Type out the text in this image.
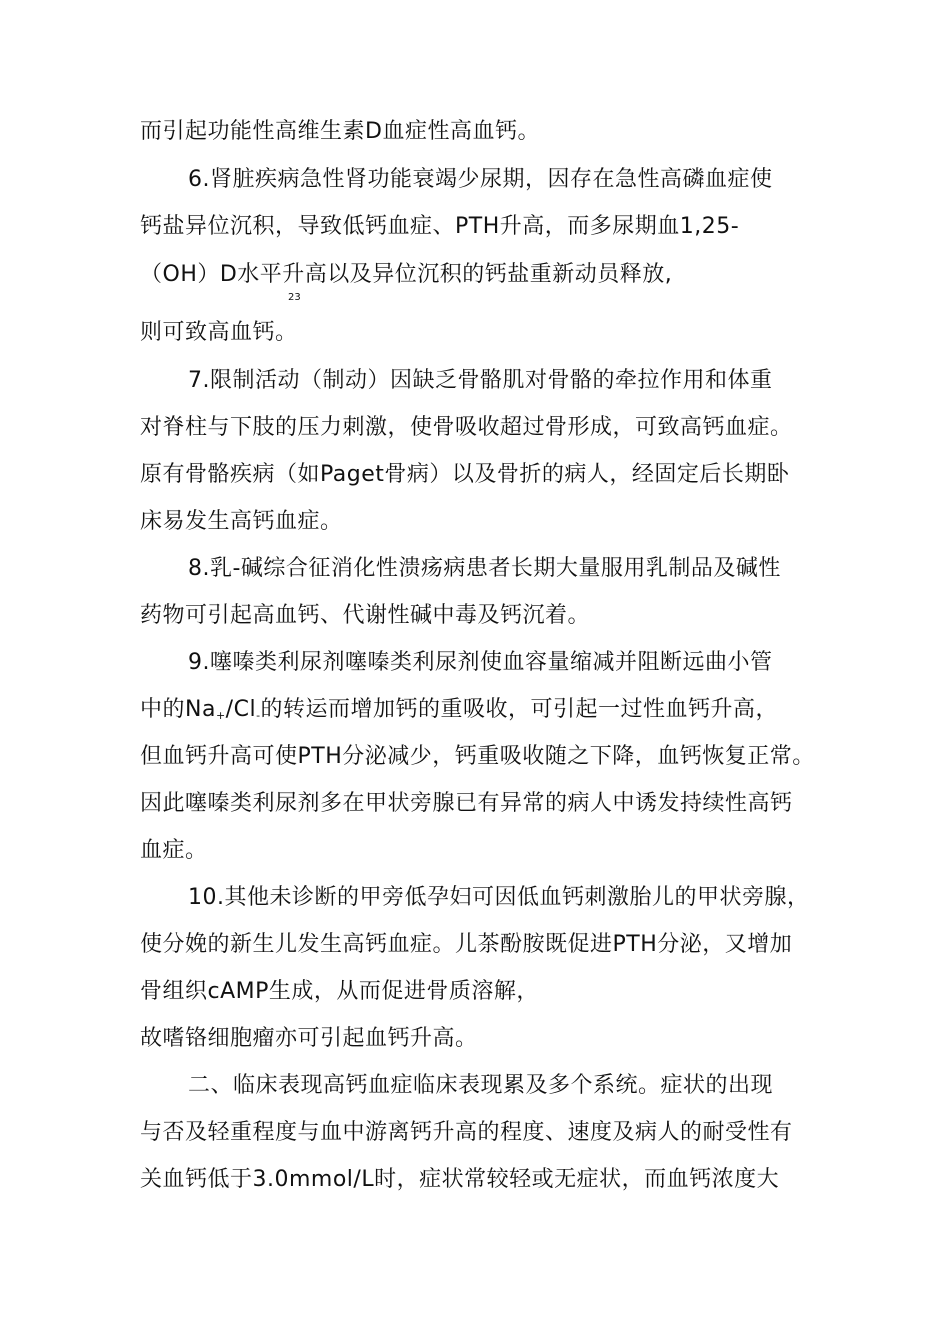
而引起功能性高维生素D血症性高血钙。
6.肾脏疾病急性肾功能衰竭少尿期，因存在急性高磷血症使
钙盐异位沉积，导致低钙血症、PTH升高，而多尿期血1,25-
（OH）D水平升高以及异位沉积的钙盐重新动员释放,
23
则可致高血钙。
7.限制活动（制动）因缺乏骨骼肌对骨骼的牵拉作用和体重
对脊柱与下肢的压力刺激，使骨吸收超过骨形成，可致高钙血症。
原有骨骼疾病（如Paget骨病）以及骨折的病人，经固定后长期卧
床易发生高钙血症。
8.乳-碱综合征消化性溃疡病患者长期大量服用乳制品及碱性
药物可引起高血钙、代谢性碱中毒及钙沉着。
9.噻嗪类利尿剂噻嗪类利尿剂使血容量缩减并阻断远曲小管
中的$Na_+/Cl_-$的转运而增加钙的重吸收，可引起一过性血钙升高，
但血钙升高可使PTH分泌减少，钙重吸收随之下降，血钙恢复正常。
因此噻嗪类利尿剂多在甲状旁腺已有异常的病人中诱发持续性高钙
血症。
10.其他未诊断的甲旁低孕妇可因低血钙刺激胎儿的甲状旁腺，
使分娩的新生儿发生高钙血症。儿茶酚胺既促进PTH分泌，又增加
骨组织cAMP生成，从而促进骨质溶解，
故嗜铬细胞瘤亦可引起血钙升高。
二、临床表现高钙血症临床表现累及多个系统。症状的出现
与否及轻重程度与血中游离钙升高的程度、速度及病人的耐受性有
关血钙低于3.0mmol/L时，症状常较轻或无症状，而血钙浓度大
